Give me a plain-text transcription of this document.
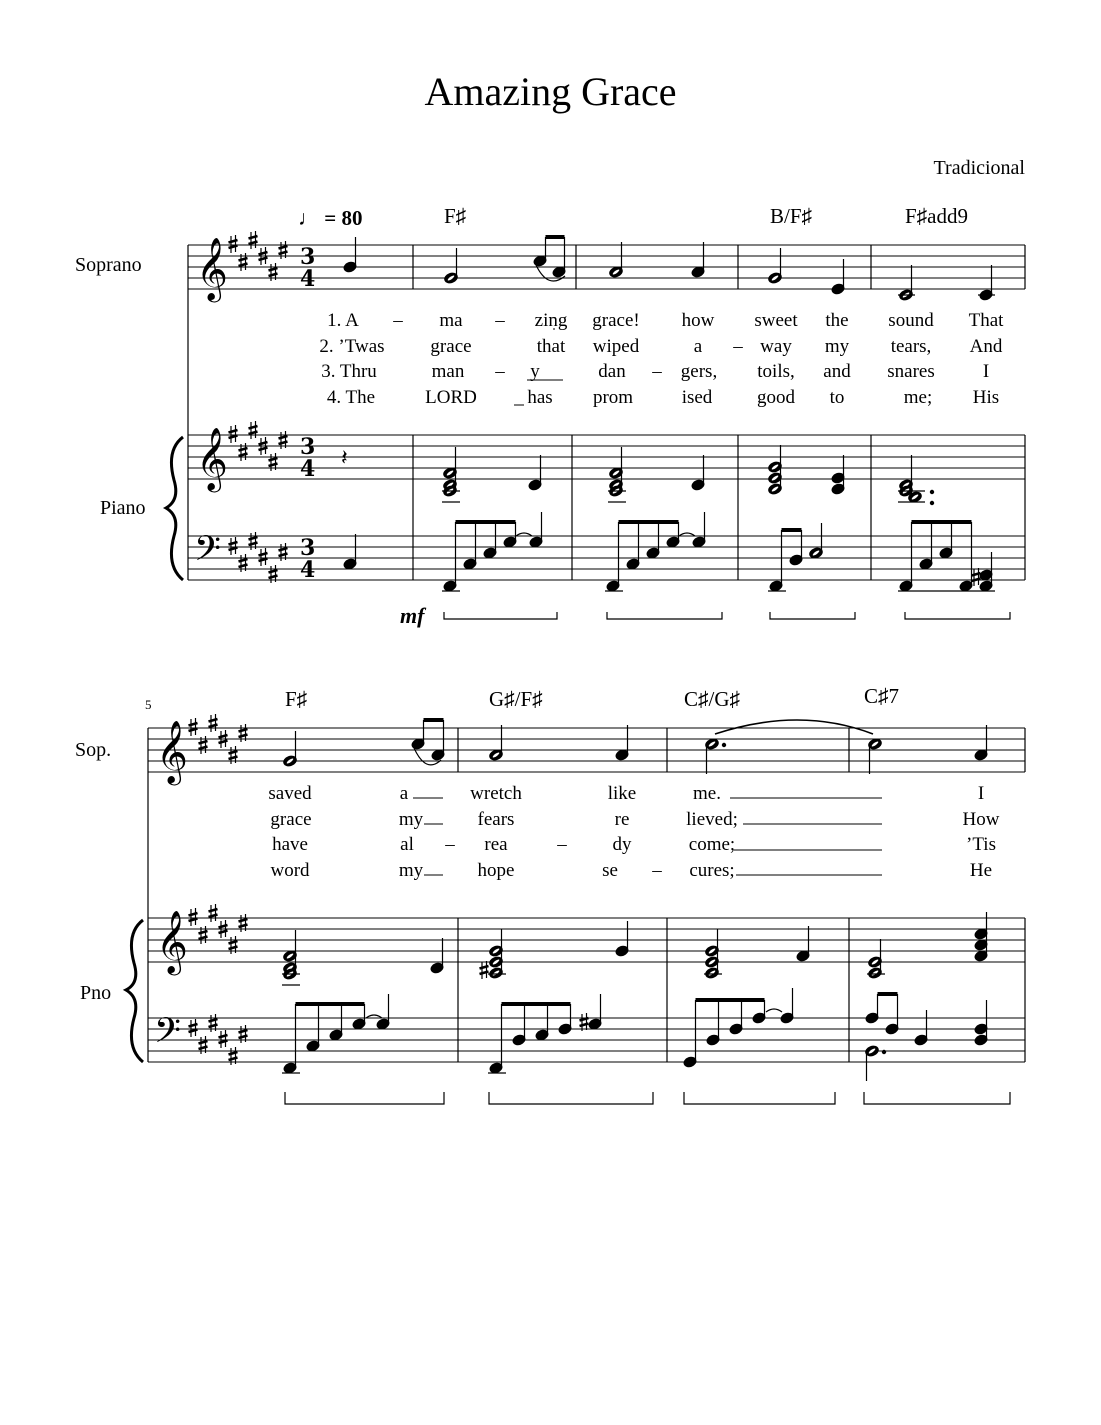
Amazing Grace
Tradicional
Soprano
Piano
Sop.
Pno
♩ = 80
mf
5
F♯	B/F♯	F♯add9
F♯	G♯/F♯	C♯/G♯	C♯7
1. A – ma – zing grace! how sweet the sound That
2. ’Twas grace	that wiped	a – way my tears, And
3. Thru	man – y	dan – gers, toils, and snares	I
4. The	LORD	has prom	ised good to	me; His
saved	a	wretch	like	me.	I
grace	my	fears	re	lieved;	How
have	al – rea	– dy	come;	’Tis
word	my	hope	se – cures;	He
𝄞	3
4
𝄞	3
4 𝄽
𝄢	3
4
𝄞
𝄞
𝄢
